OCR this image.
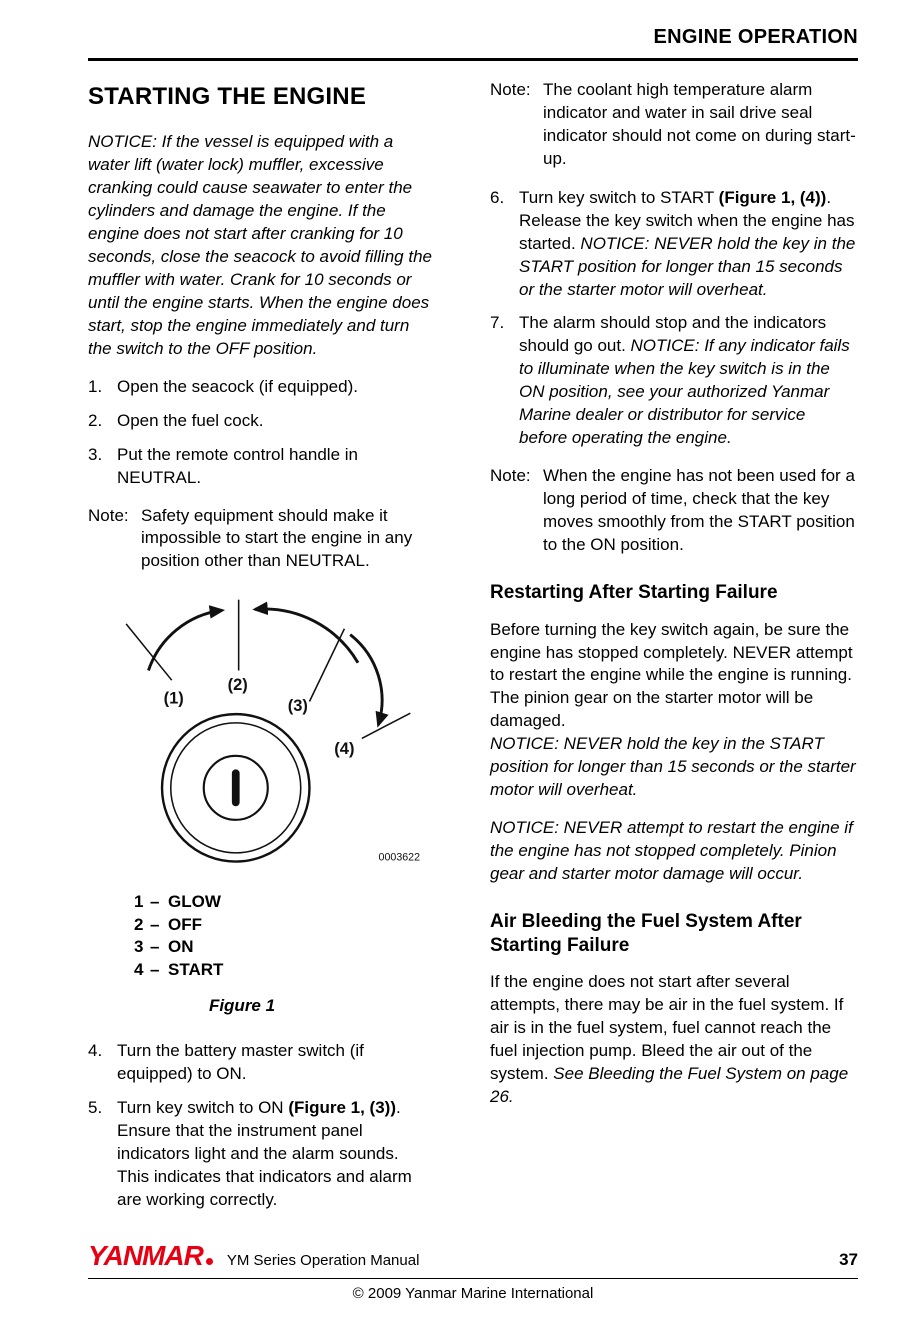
ENGINE OPERATION
STARTING THE ENGINE

NOTICE: If the vessel is equipped with a water lift (water lock) muffler, excessive cranking could cause seawater to enter the cylinders and damage the engine. If the engine does not start after cranking for 10 seconds, close the seacock to avoid filling the muffler with water. Crank for 10 seconds or until the engine starts. When the engine does start, stop the engine immediately and turn the switch to the OFF position.

1. Open the seacock (if equipped).
2. Open the fuel cock.
3. Put the remote control handle in NEUTRAL.
Note: Safety equipment should make it impossible to start the engine in any position other than NEUTRAL.
(1)
(2)
(3)
(4)
0003622
1 – GLOW
2 – OFF
3 – ON
4 – START
Figure 1
4. Turn the battery master switch (if equipped) to ON.
5. Turn key switch to ON (Figure 1, (3)). Ensure that the instrument panel indicators light and the alarm sounds. This indicates that indicators and alarm are working correctly.
Note: The coolant high temperature alarm indicator and water in sail drive seal indicator should not come on during start-up.
6. Turn key switch to START (Figure 1, (4)). Release the key switch when the engine has started. NOTICE: NEVER hold the key in the START position for longer than 15 seconds or the starter motor will overheat.
7. The alarm should stop and the indicators should go out. NOTICE: If any indicator fails to illuminate when the key switch is in the ON position, see your authorized Yanmar Marine dealer or distributor for service before operating the engine.
Note: When the engine has not been used for a long period of time, check that the key moves smoothly from the START position to the ON position.
Restarting After Starting Failure

Before turning the key switch again, be sure the engine has stopped completely. NEVER attempt to restart the engine while the engine is running. The pinion gear on the starter motor will be damaged.

NOTICE: NEVER hold the key in the START position for longer than 15 seconds or the starter motor will overheat.

NOTICE: NEVER attempt to restart the engine if the engine has not stopped completely. Pinion gear and starter motor damage will occur.

Air Bleeding the Fuel System After Starting Failure

If the engine does not start after several attempts, there may be air in the fuel system. If air is in the fuel system, fuel cannot reach the fuel injection pump. Bleed the air out of the system. See Bleeding the Fuel System on page 26.

YANMAR YM Series Operation Manual	37
© 2009 Yanmar Marine International
